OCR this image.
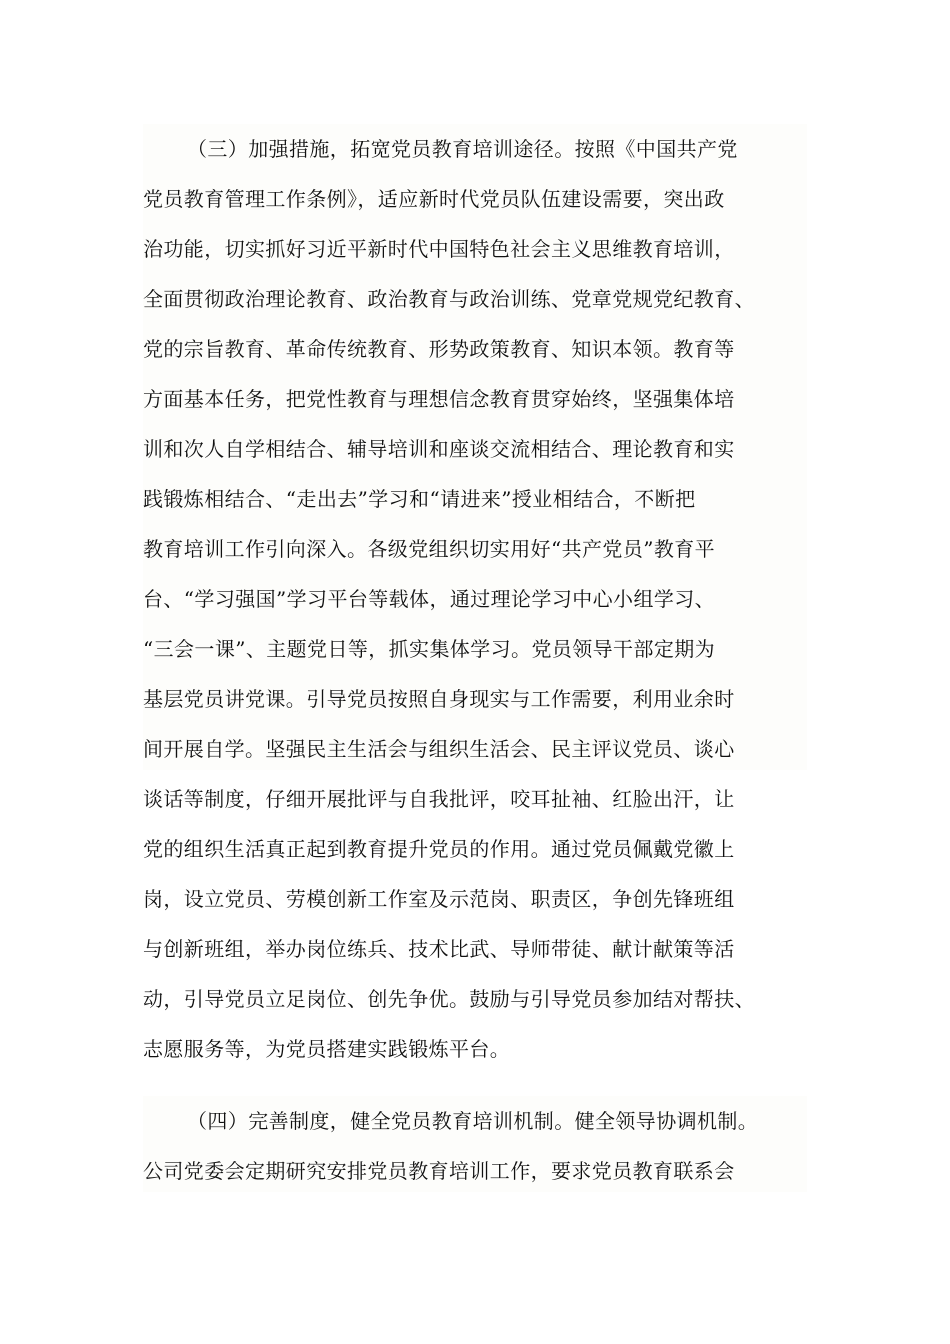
（三）加强措施，拓宽党员教育培训途径。按照《中国共产党
党员教育管理工作条例》，适应新时代党员队伍建设需要，突出政
治功能，切实抓好习近平新时代中国特色社会主义思维教育培训，
全面贯彻政治理论教育、政治教育与政治训练、党章党规党纪教育、
党的宗旨教育、革命传统教育、形势政策教育、知识本领。教育等
方面基本任务，把党性教育与理想信念教育贯穿始终，坚强集体培
训和次人自学相结合、辅导培训和座谈交流相结合、理论教育和实
践锻炼相结合、“走出去”学习和“请进来”授业相结合，不断把
教育培训工作引向深入。各级党组织切实用好“共产党员”教育平
台、“学习强国”学习平台等载体，通过理论学习中心小组学习、
“三会一课”、主题党日等，抓实集体学习。党员领导干部定期为
基层党员讲党课。引导党员按照自身现实与工作需要，利用业余时
间开展自学。坚强民主生活会与组织生活会、民主评议党员、谈心
谈话等制度，仔细开展批评与自我批评，咬耳扯袖、红脸出汗，让
党的组织生活真正起到教育提升党员的作用。通过党员佩戴党徽上
岗，设立党员、劳模创新工作室及示范岗、职责区，争创先锋班组
与创新班组，举办岗位练兵、技术比武、导师带徒、献计献策等活
动，引导党员立足岗位、创先争优。鼓励与引导党员参加结对帮扶、
志愿服务等，为党员搭建实践锻炼平台。
（四）完善制度，健全党员教育培训机制。健全领导协调机制。
公司党委会定期研究安排党员教育培训工作，要求党员教育联系会
